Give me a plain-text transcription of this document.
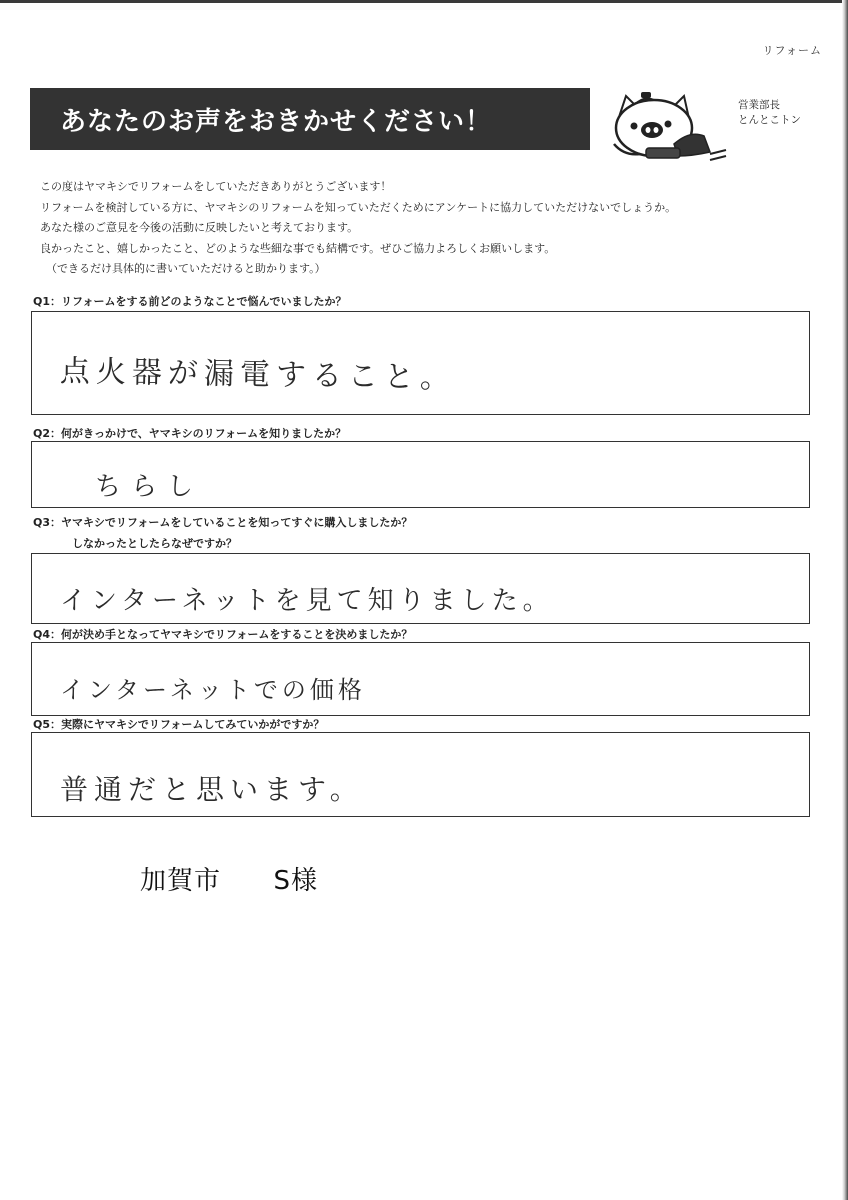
リフォーム
あなたのお声をおきかせください！
営業部長
とんとこトン
この度はヤマキシでリフォームをしていただきありがとうございます！
リフォームを検討している方に、ヤマキシのリフォームを知っていただくためにアンケートに協力していただけないでしょうか。
あなた様のご意見を今後の活動に反映したいと考えております。
良かったこと、嬉しかったこと、どのような些細な事でも結構です。ぜひご協力よろしくお願いします。
（できるだけ具体的に書いていただけると助かります。）
Q1：リフォームをする前どのようなことで悩んでいましたか？
点火器が漏電すること。
Q2：何がきっかけで、ヤマキシのリフォームを知りましたか？
ちらし
Q3：ヤマキシでリフォームをしていることを知ってすぐに購入しましたか？
しなかったとしたらなぜですか？
インターネットを見て知りました。
Q4：何が決め手となってヤマキシでリフォームをすることを決めましたか？
インターネットでの価格
Q5：実際にヤマキシでリフォームしてみていかがですか？
普通だと思います。
加賀市 S様
